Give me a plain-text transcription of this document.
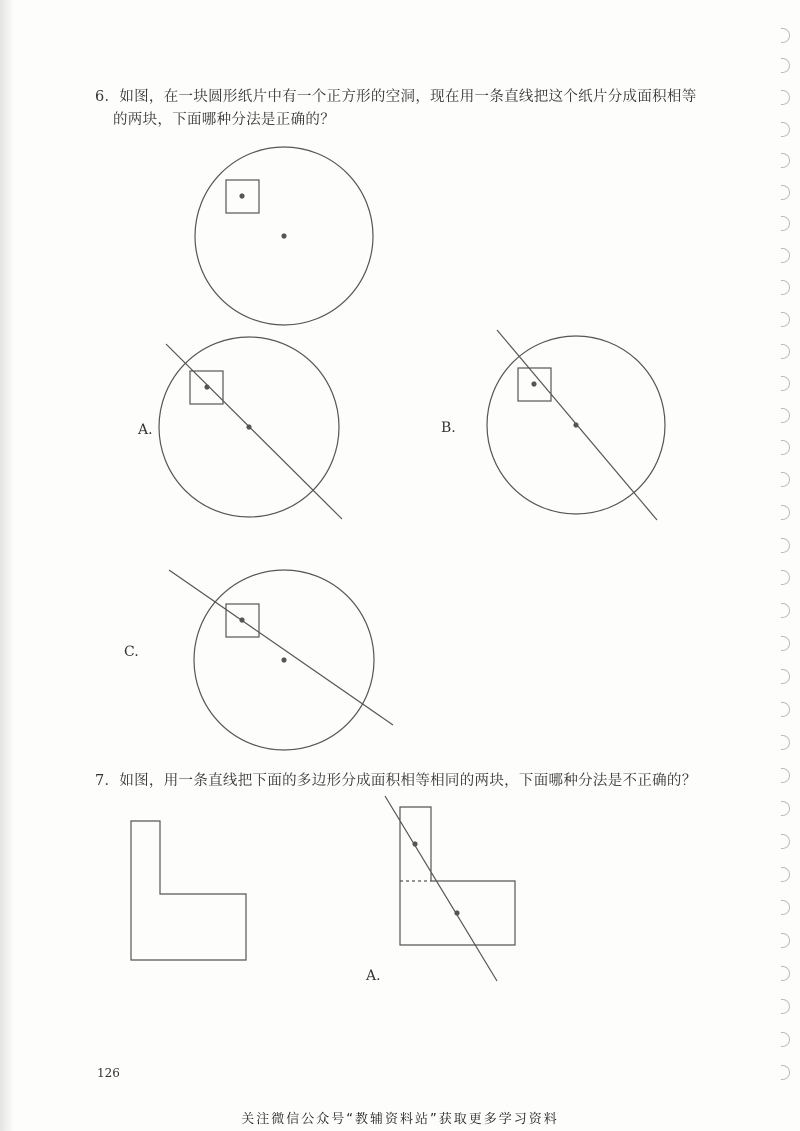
6．如图，在一块圆形纸片中有一个正方形的空洞，现在用一条直线把这个纸片分成面积相等
的两块，下面哪种分法是正确的？
A.	B.
C.
7．如图，用一条直线把下面的多边形分成面积相等相同的两块，下面哪种分法是不正确的？
A.
126
关注微信公众号“教辅资料站”获取更多学习资料
